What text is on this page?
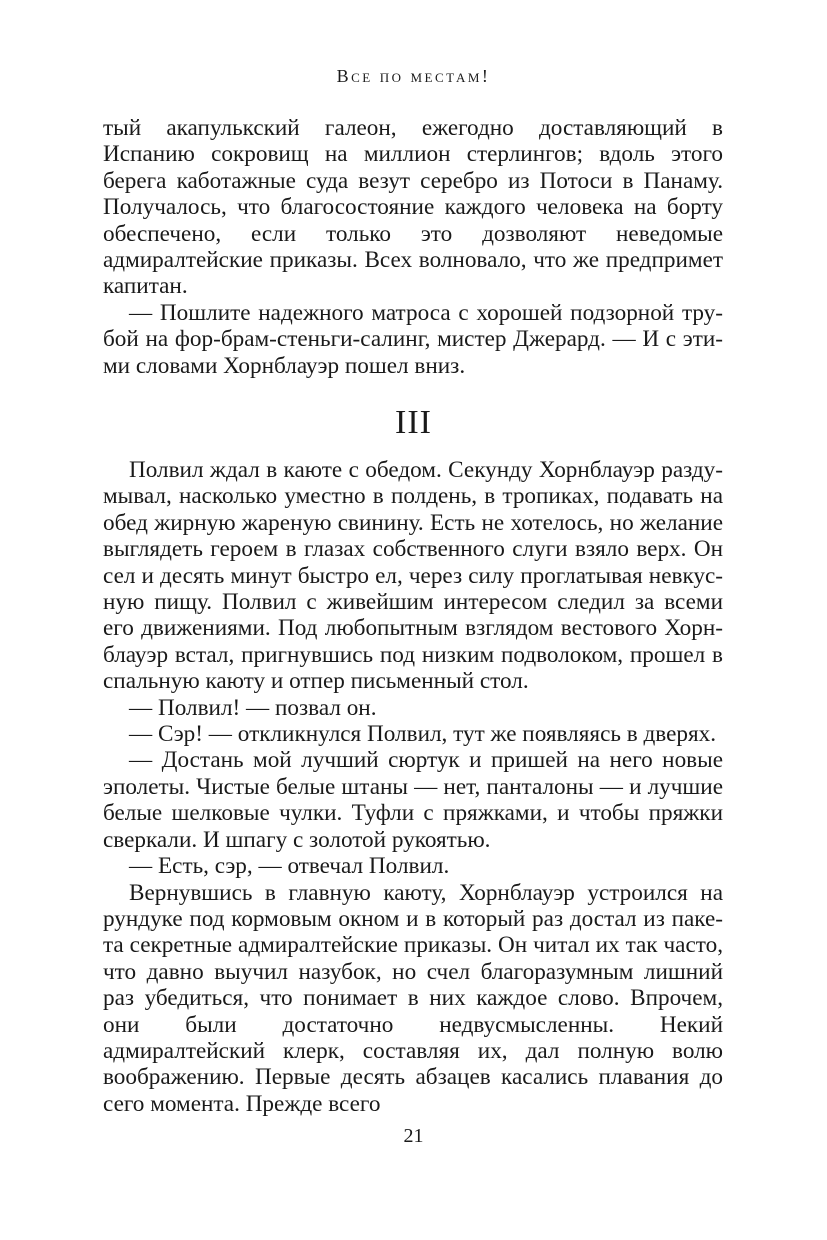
Все по местам!

тый акапулькский галеон, ежегодно доставляющий в Испанию сокровищ на миллион стерлингов; вдоль этого берега каботажные суда везут серебро из Потоси в Панаму. Получалось, что благосостояние каждого человека на борту обеспечено, если только это дозволяют неведомые адмиралтейские приказы. Всех волновало, что же предпримет капитан.

— Пошлите надежного матроса с хорошей подзорной трубой на фор-брам-стеньги-салинг, мистер Джерард. — И с этими словами Хорнблауэр пошел вниз.

III

Полвил ждал в каюте с обедом. Секунду Хорнблауэр раздумывал, насколько уместно в полдень, в тропиках, подавать на обед жирную жареную свинину. Есть не хотелось, но желание выглядеть героем в глазах собственного слуги взяло верх. Он сел и десять минут быстро ел, через силу проглатывая невкусную пищу. Полвил с живейшим интересом следил за всеми его движениями. Под любопытным взглядом вестового Хорнблауэр встал, пригнувшись под низким подволоком, прошел в спальную каюту и отпер письменный стол.

— Полвил! — позвал он.

— Сэр! — откликнулся Полвил, тут же появляясь в дверях.

— Достань мой лучший сюртук и пришей на него новые эполеты. Чистые белые штаны — нет, панталоны — и лучшие белые шелковые чулки. Туфли с пряжками, и чтобы пряжки сверкали. И шпагу с золотой рукоятью.

— Есть, сэр, — отвечал Полвил.

Вернувшись в главную каюту, Хорнблауэр устроился на рундуке под кормовым окном и в который раз достал из пакета секретные адмиралтейские приказы. Он читал их так часто, что давно выучил назубок, но счел благоразумным лишний раз убедиться, что понимает в них каждое слово. Впрочем, они были достаточно недвусмысленны. Некий адмиралтейский клерк, составляя их, дал полную волю воображению. Первые десять абзацев касались плавания до сего момента. Прежде всего

21
